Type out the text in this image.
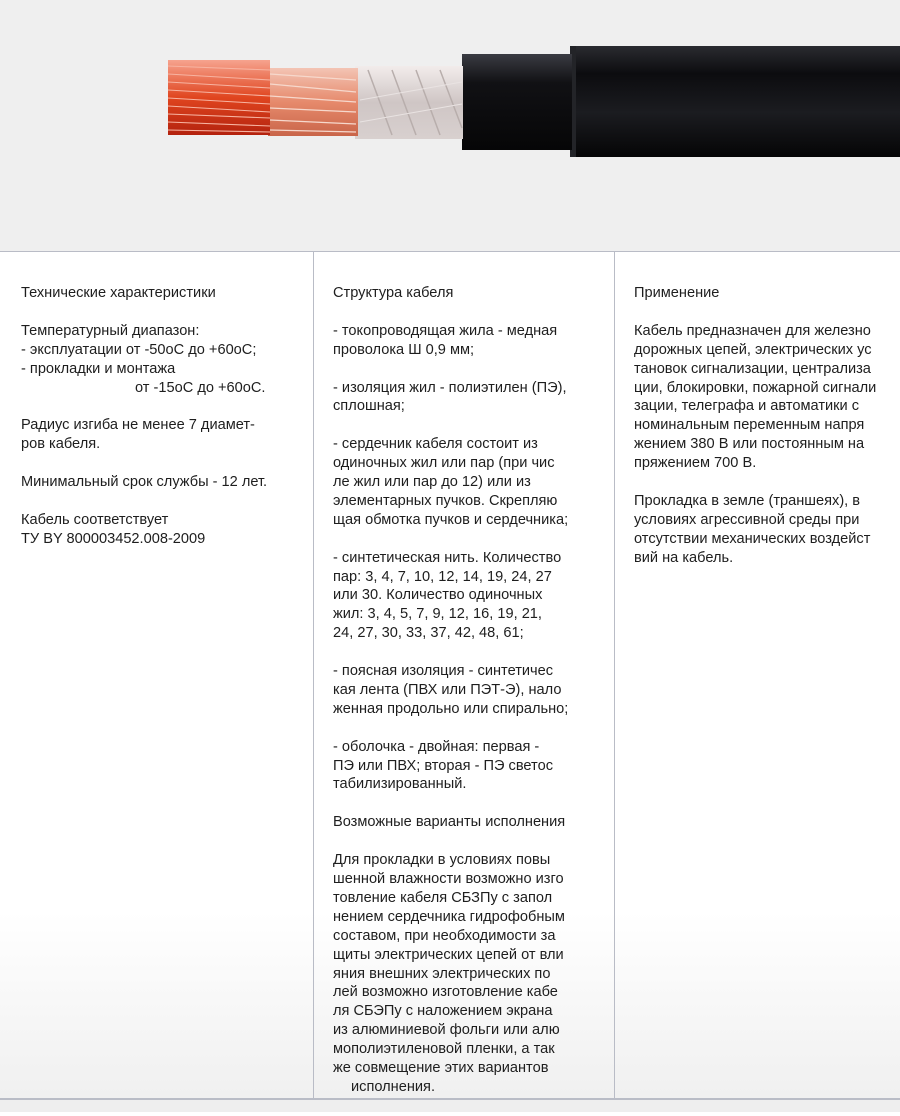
Технические характеристики

Температурный диапазон:
- эксплуатации от -50оС до +60оС;
- прокладки и монтажа
от -15оС до +60оС.

Радиус изгиба не менее 7 диамет-
ров кабеля.

Минимальный срок службы - 12 лет.

Кабель соответствует
ТУ BY 800003452.008-2009

Структура кабеля

- токопроводящая жила - медная
проволока Ш 0,9 мм;

- изоляция жил - полиэтилен (ПЭ),
сплошная;

- сердечник кабеля состоит из
одиночных жил или пар (при чис
ле жил или пар до 12) или из
элементарных пучков. Скрепляю
щая обмотка пучков и сердечника;

- синтетическая нить. Количество
пар: 3, 4, 7, 10, 12, 14, 19, 24, 27
или 30. Количество одиночных
жил: 3, 4, 5, 7, 9, 12, 16, 19, 21,
24, 27, 30, 33, 37, 42, 48, 61;

- поясная изоляция - синтетичес
кая лента (ПВХ или ПЭТ-Э), нало
женная продольно или спирально;

- оболочка - двойная: первая -
ПЭ или ПВХ; вторая - ПЭ светос
табилизированный.

Возможные варианты исполнения

Для прокладки в условиях повы
шенной влажности возможно изго
товление кабеля СБЗПу с запол
нением сердечника гидрофобным
составом, при необходимости за
щиты электрических цепей от вли
яния внешних электрических по
лей возможно изготовление кабе
ля СБЭПу с наложением экрана
из алюминиевой фольги или алю
мополиэтиленовой пленки, а так
же совмещение этих вариантов
исполнения.

Применение

Кабель предназначен для железно
дорожных цепей, электрических ус
тановок сигнализации, централиза
ции, блокировки, пожарной сигнали
зации, телеграфа и автоматики с
номинальным переменным напря
жением 380 В или постоянным на
пряжением 700 В.

Прокладка в земле (траншеях), в
условиях агрессивной среды при
отсутствии механических воздейст
вий на кабель.
